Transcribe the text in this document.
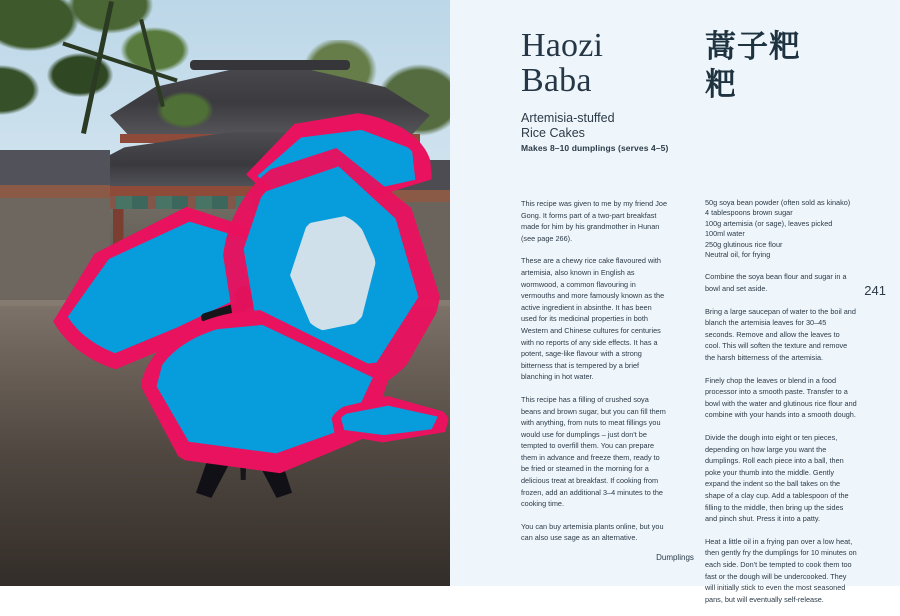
Haozi
Baba
Artemisia-stuffed
Rice Cakes
Makes 8–10 dumplings (serves 4–5)
蒿子粑粑

This recipe was given to me by my friend Joe Gong. It forms part of a two-part breakfast made for him by his grandmother in Hunan (see page 266).

These are a chewy rice cake flavoured with artemisia, also known in English as wormwood, a common flavouring in vermouths and more famously known as the active ingredient in absinthe. It has been used for its medicinal properties in both Western and Chinese cultures for centuries with no reports of any side effects. It has a potent, sage-like flavour with a strong bitterness that is tempered by a brief blanching in hot water.

This recipe has a filling of crushed soya beans and brown sugar, but you can fill them with anything, from nuts to meat fillings you would use for dumplings – just don't be tempted to overfill them. You can prepare them in advance and freeze them, ready to be fried or steamed in the morning for a delicious treat at breakfast. If cooking from frozen, add an additional 3–4 minutes to the cooking time.

You can buy artemisia plants online, but you can also use sage as an alternative.

50g soya bean powder (often sold as kinako)
4 tablespoons brown sugar
100g artemisia (or sage), leaves picked
100ml water
250g glutinous rice flour
Neutral oil, for frying

Combine the soya bean flour and sugar in a bowl and set aside.

Bring a large saucepan of water to the boil and blanch the artemisia leaves for 30–45 seconds. Remove and allow the leaves to cool. This will soften the texture and remove the harsh bitterness of the artemisia.

Finely chop the leaves or blend in a food processor into a smooth paste. Transfer to a bowl with the water and glutinous rice flour and combine with your hands into a smooth dough.

Divide the dough into eight or ten pieces, depending on how large you want the dumplings. Roll each piece into a ball, then poke your thumb into the middle. Gently expand the indent so the ball takes on the shape of a clay cup. Add a tablespoon of the filling to the middle, then bring up the sides and pinch shut. Press it into a patty.

Heat a little oil in a frying pan over a low heat, then gently fry the dumplings for 10 minutes on each side. Don't be tempted to cook them too fast or the dough will be undercooked. They will initially stick to even the most seasoned pans, but will eventually self-release.

241
Dumplings
